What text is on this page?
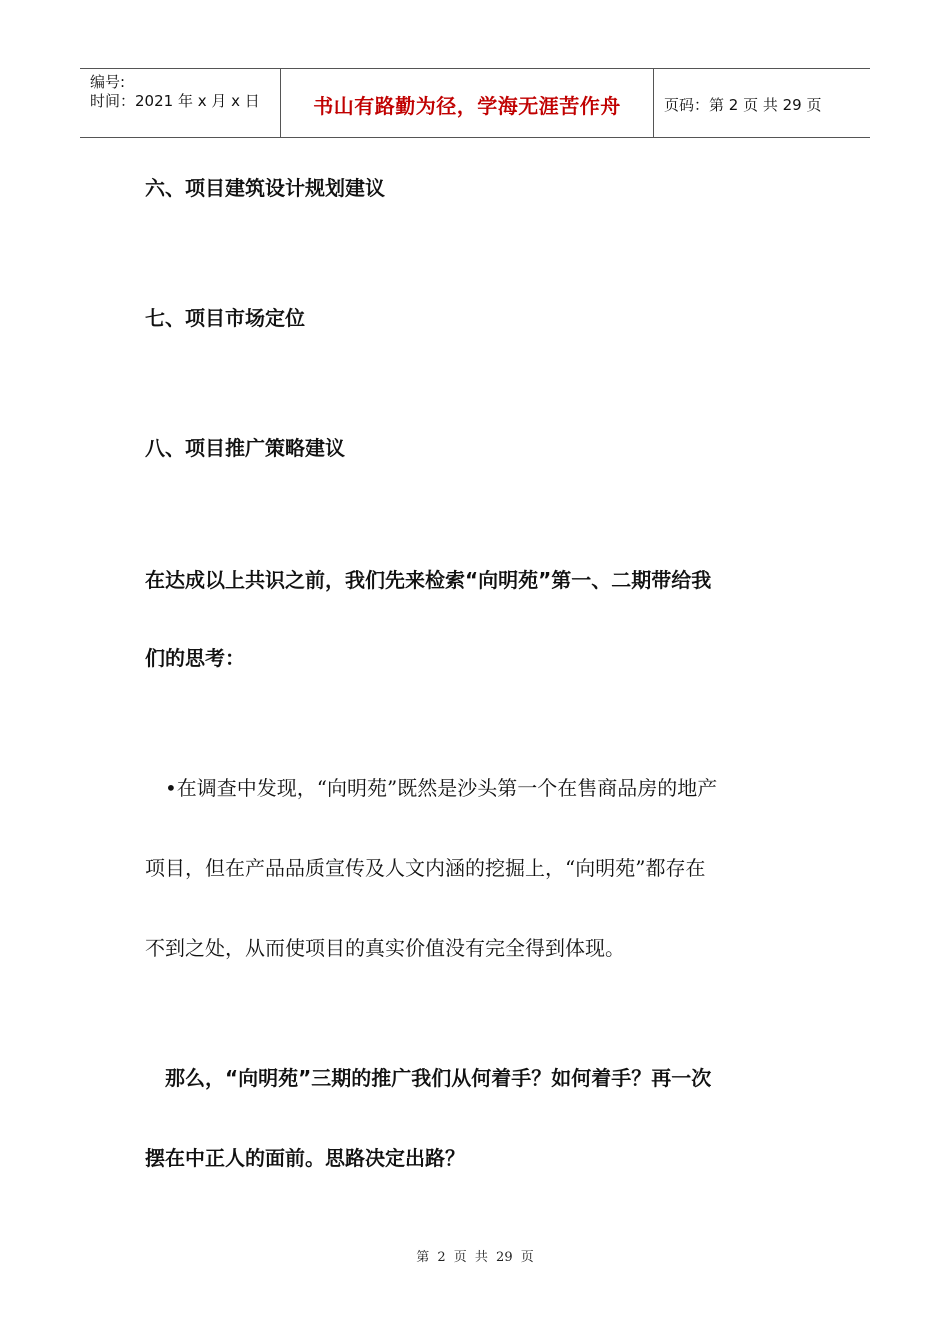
编号:
时间：2021 年 x 月 x 日	书山有路勤为径，学海无涯苦作舟	页码：第 2 页 共 29 页
六、项目建筑设计规划建议
七、项目市场定位
八、项目推广策略建议
在达成以上共识之前，我们先来检索“向明苑”第一、二期带给我
们的思考：
•在调查中发现，“向明苑”既然是沙头第一个在售商品房的地产
项目，但在产品品质宣传及人文内涵的挖掘上，“向明苑”都存在
不到之处，从而使项目的真实价值没有完全得到体现。
那么，“向明苑”三期的推广我们从何着手？如何着手？再一次
摆在中正人的面前。思路决定出路？
第 2 页 共 29 页
